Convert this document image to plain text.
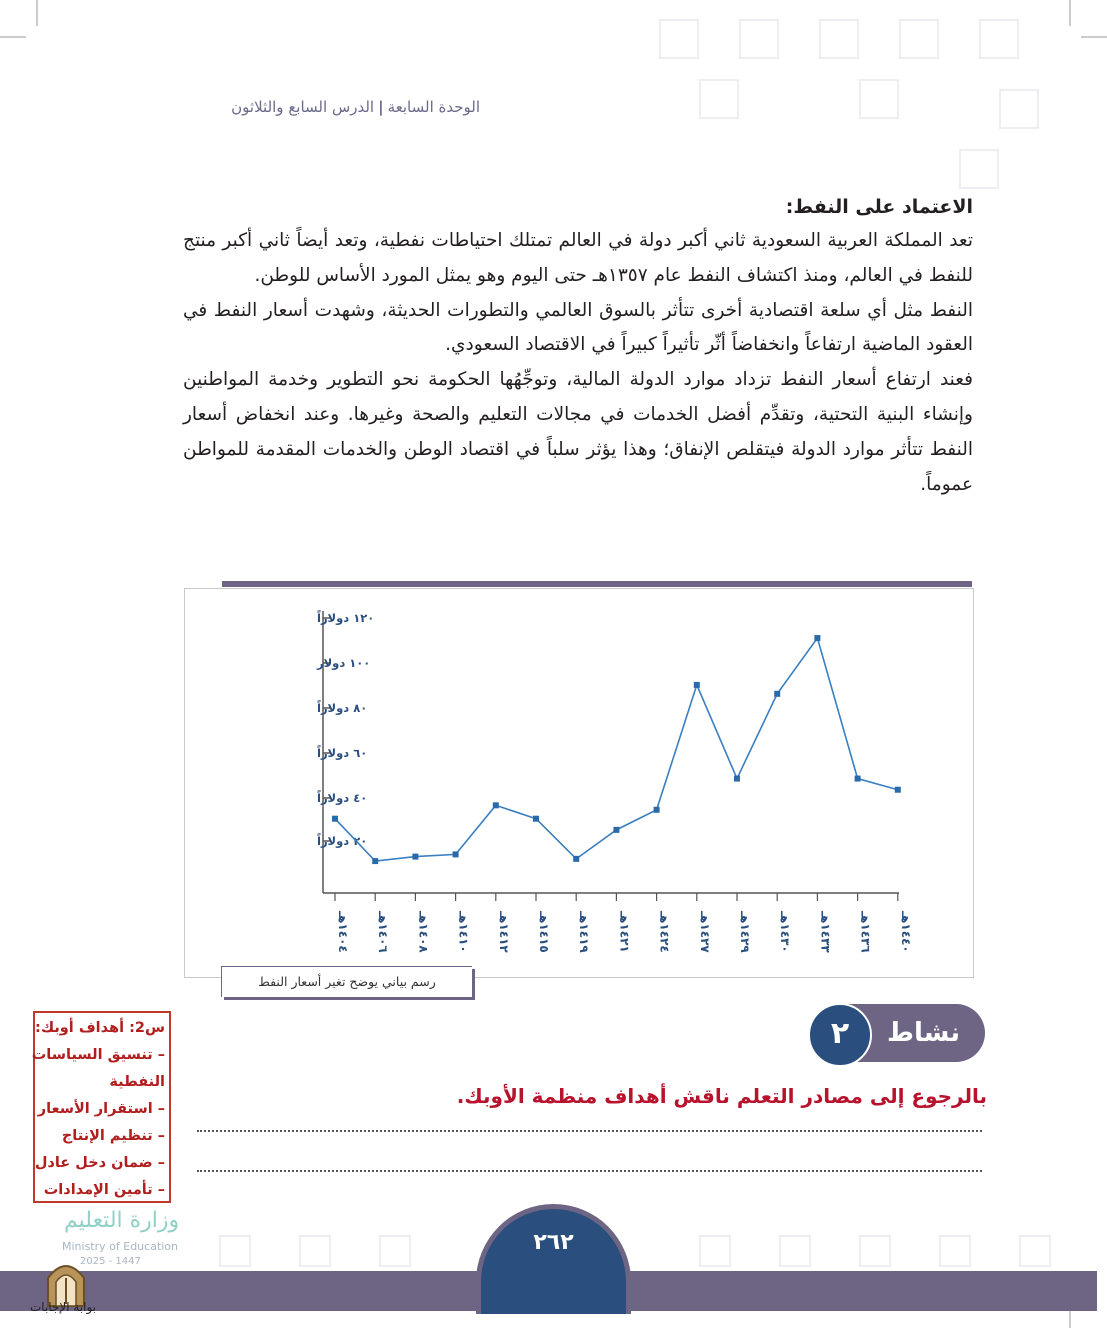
الوحدة السابعة|الدرس السابع والثلاثون
الاعتماد على النفط:

تعد المملكة العربية السعودية ثاني أكبر دولة في العالم تمتلك احتياطات نفطية، وتعد أيضاً ثاني أكبر منتج للنفط في العالم، ومنذ اكتشاف النفط عام ١٣٥٧هـ حتى اليوم وهو يمثل المورد الأساس للوطن.

النفط مثل أي سلعة اقتصادية أخرى تتأثر بالسوق العالمي والتطورات الحديثة، وشهدت أسعار النفط في العقود الماضية ارتفاعاً وانخفاضاً أثّر تأثيراً كبيراً في الاقتصاد السعودي.

فعند ارتفاع أسعار النفط تزداد موارد الدولة المالية، وتوجِّهُها الحكومة نحو التطوير وخدمة المواطنين وإنشاء البنية التحتية، وتقدِّم أفضل الخدمات في مجالات التعليم والصحة وغيرها. وعند انخفاض أسعار النفط تتأثر موارد الدولة فيتقلص الإنفاق؛ وهذا يؤثر سلباً في اقتصاد الوطن والخدمات المقدمة للمواطن عموماً.

٢٠ دولاراً
٤٠ دولاراً
٦٠ دولاراً
٨٠ دولاراً
١٠٠ دولار
١٢٠ دولاراً
١٤٠٤هـ
١٤٠٦هـ
١٤٠٨هـ
١٤١٠هـ
١٤١٢هـ
١٤١٥هـ
١٤١٩هـ
١٤٢١هـ
١٤٢٤هـ
١٤٢٧هـ
١٤٢٩هـ
١٤٣٠هـ
١٤٣٣هـ
١٤٣٦هـ
١٤٤٠هـ
رسم بياني يوضح تغير أسعار النفط
نشاط
٢
بالرجوع إلى مصادر التعلم ناقش أهداف منظمة الأوبك.
س2: أهداف أوبك:
– تنسيق السياسات
النفطية
– استقرار الأسعار
– تنظيم الإنتاج
– ضمان دخل عادل
– تأمين الإمدادات
وزارة التعليم
Ministry of Education
2025 - 1447
٢٦٢
بوابة الإجابات
